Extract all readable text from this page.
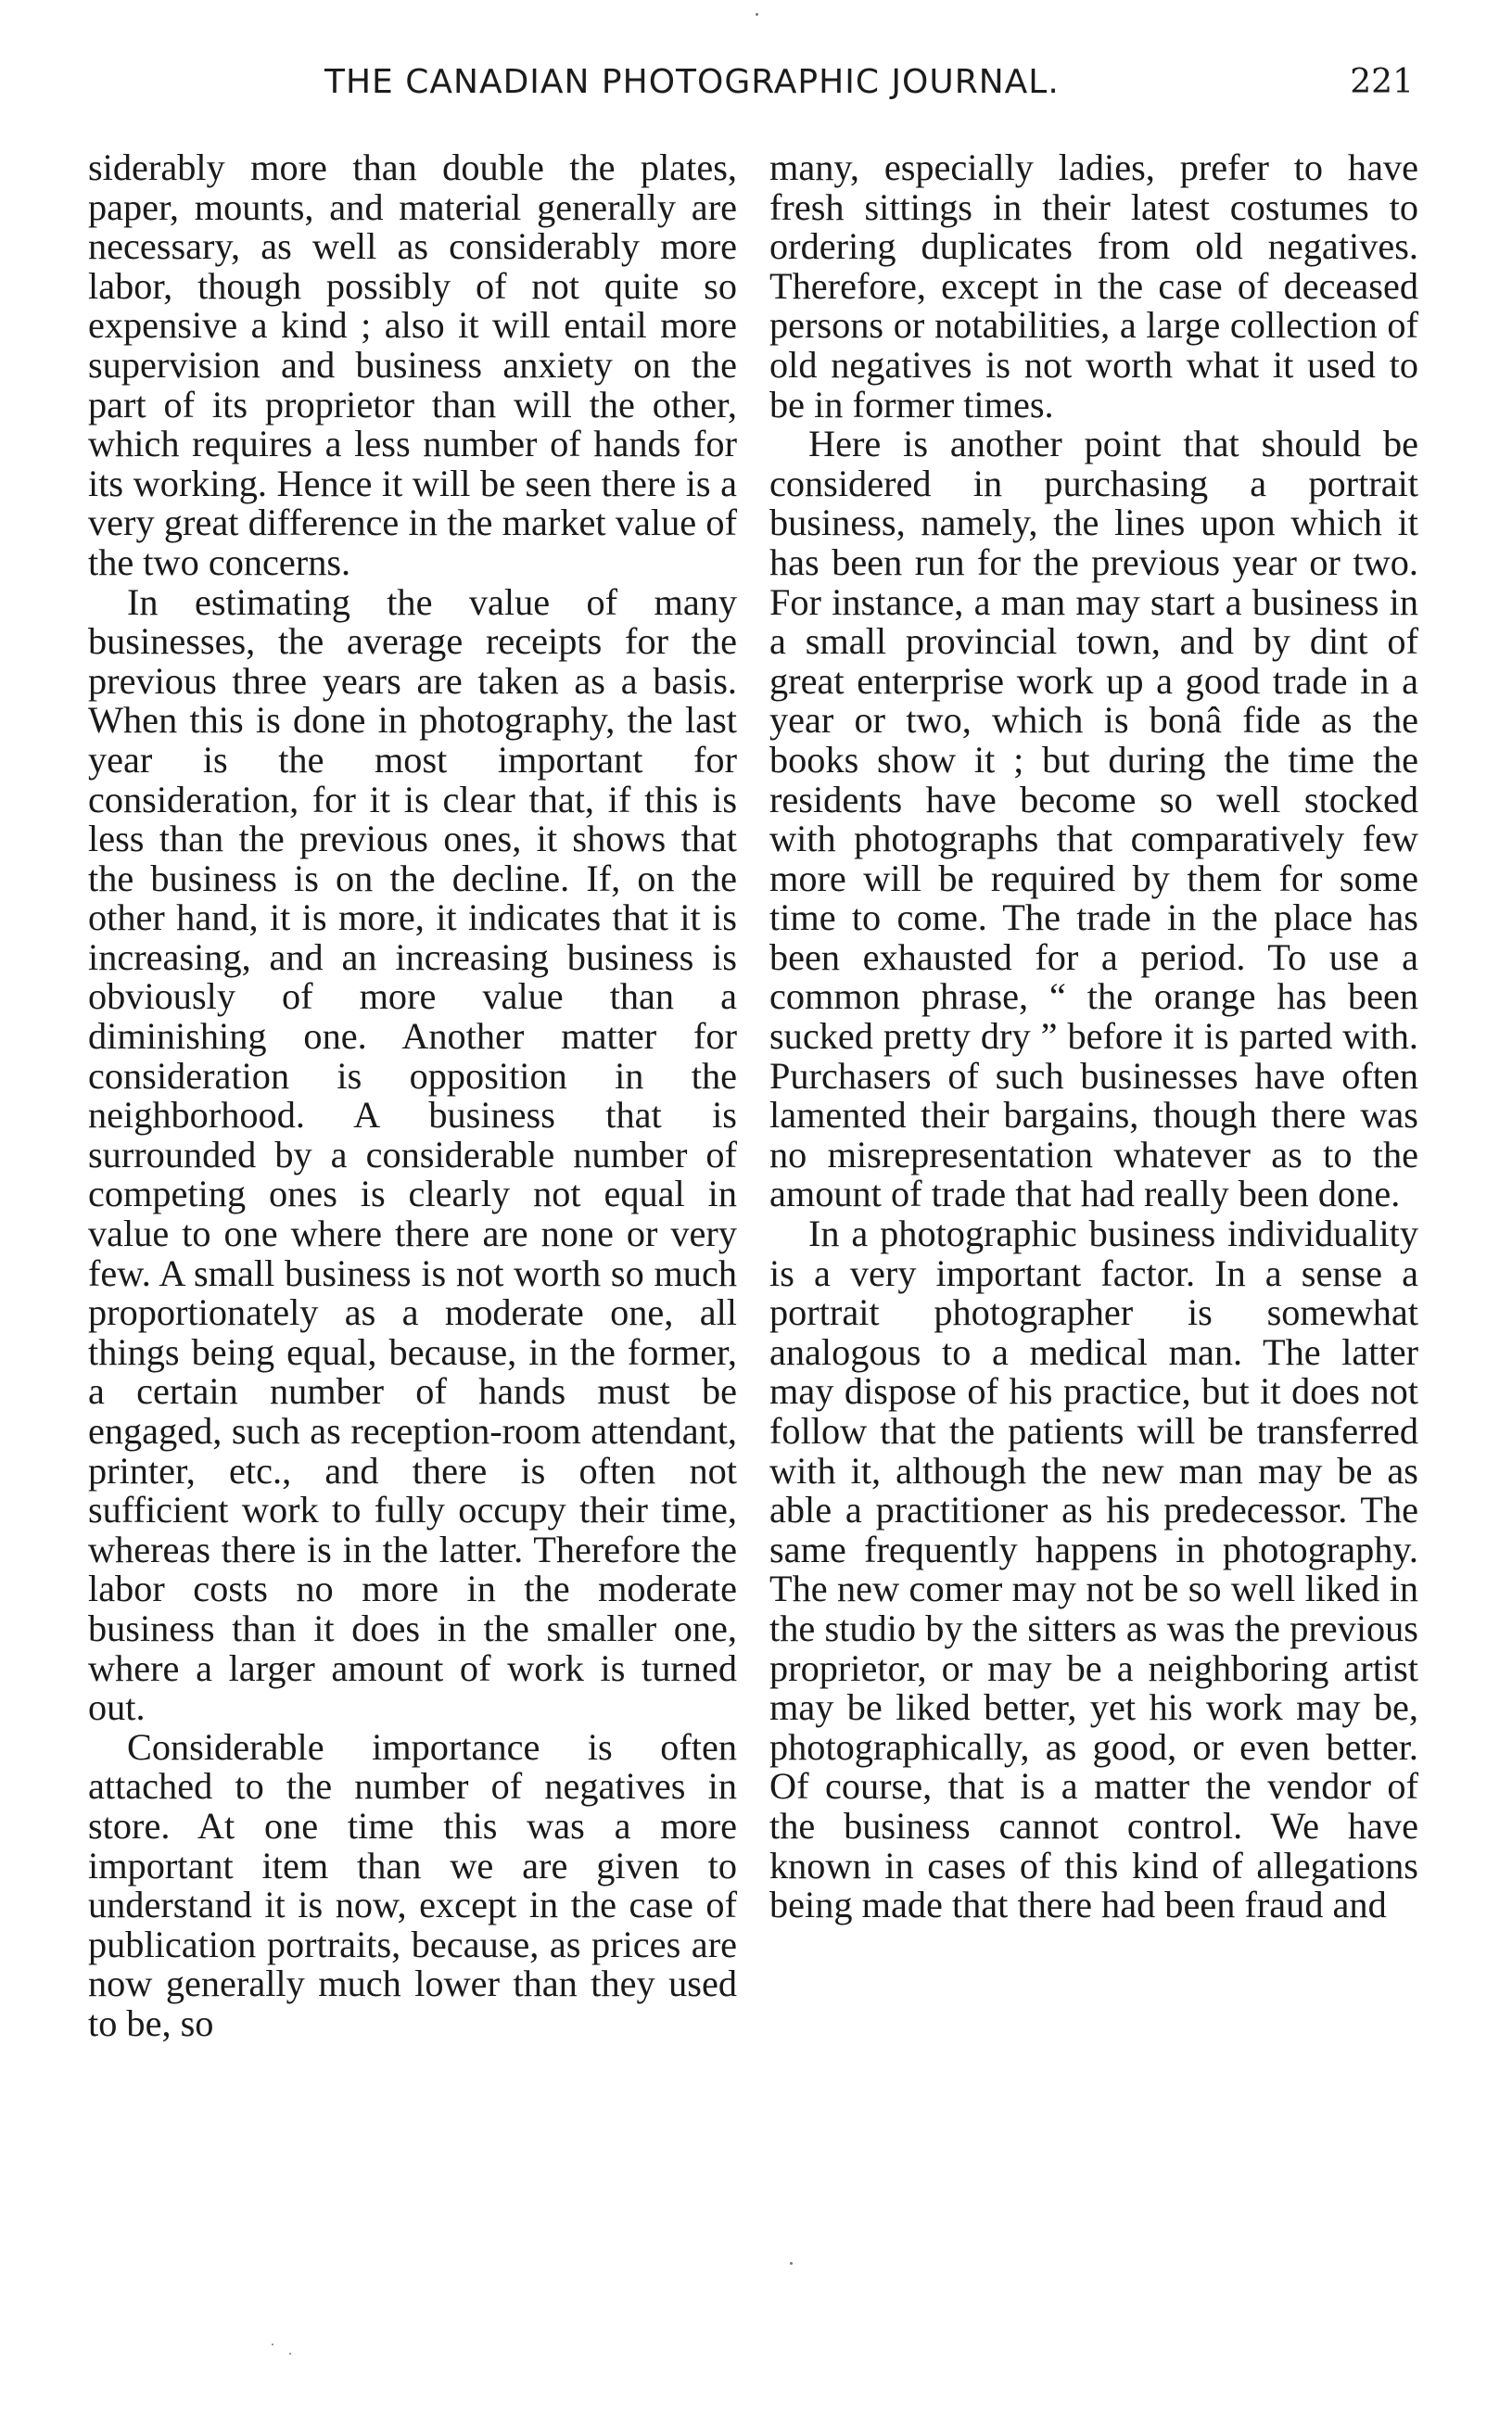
THE CANADIAN PHOTOGRAPHIC JOURNAL.	221

siderably more than double the plates, paper, mounts, and material generally are necessary, as well as considerably more labor, though possibly of not quite so expensive a kind ; also it will entail more supervision and business anxiety on the part of its proprietor than will the other, which requires a less number of hands for its working. Hence it will be seen there is a very great difference in the market value of the two concerns.

In estimating the value of many businesses, the average receipts for the previous three years are taken as a basis. When this is done in photography, the last year is the most important for consideration, for it is clear that, if this is less than the previous ones, it shows that the business is on the decline. If, on the other hand, it is more, it indicates that it is increasing, and an increasing business is obviously of more value than a diminishing one. Another matter for consideration is opposition in the neighborhood. A business that is surrounded by a considerable number of competing ones is clearly not equal in value to one where there are none or very few. A small business is not worth so much proportionately as a moderate one, all things being equal, because, in the former, a certain number of hands must be engaged, such as reception-room attendant, printer, etc., and there is often not sufficient work to fully occupy their time, whereas there is in the latter. Therefore the labor costs no more in the moderate business than it does in the smaller one, where a larger amount of work is turned out.

Considerable importance is often attached to the number of negatives in store. At one time this was a more important item than we are given to understand it is now, except in the case of publication portraits, because, as prices are now generally much lower than they used to be, so

many, especially ladies, prefer to have fresh sittings in their latest costumes to ordering duplicates from old negatives. Therefore, except in the case of deceased persons or notabilities, a large collection of old negatives is not worth what it used to be in former times.

Here is another point that should be considered in purchasing a portrait business, namely, the lines upon which it has been run for the previous year or two. For instance, a man may start a business in a small provincial town, and by dint of great enterprise work up a good trade in a year or two, which is bonâ fide as the books show it ; but during the time the residents have become so well stocked with photographs that comparatively few more will be required by them for some time to come. The trade in the place has been exhausted for a period. To use a common phrase, “ the orange has been sucked pretty dry ” before it is parted with. Purchasers of such businesses have often lamented their bargains, though there was no misrepresentation whatever as to the amount of trade that had really been done.

In a photographic business individuality is a very important factor. In a sense a portrait photographer is somewhat analogous to a medical man. The latter may dispose of his practice, but it does not follow that the patients will be transferred with it, although the new man may be as able a practitioner as his predecessor. The same frequently happens in photography. The new comer may not be so well liked in the studio by the sitters as was the previous proprietor, or may be a neighboring artist may be liked better, yet his work may be, photographically, as good, or even better. Of course, that is a matter the vendor of the business cannot control. We have known in cases of this kind of allegations being made that there had been fraud and
